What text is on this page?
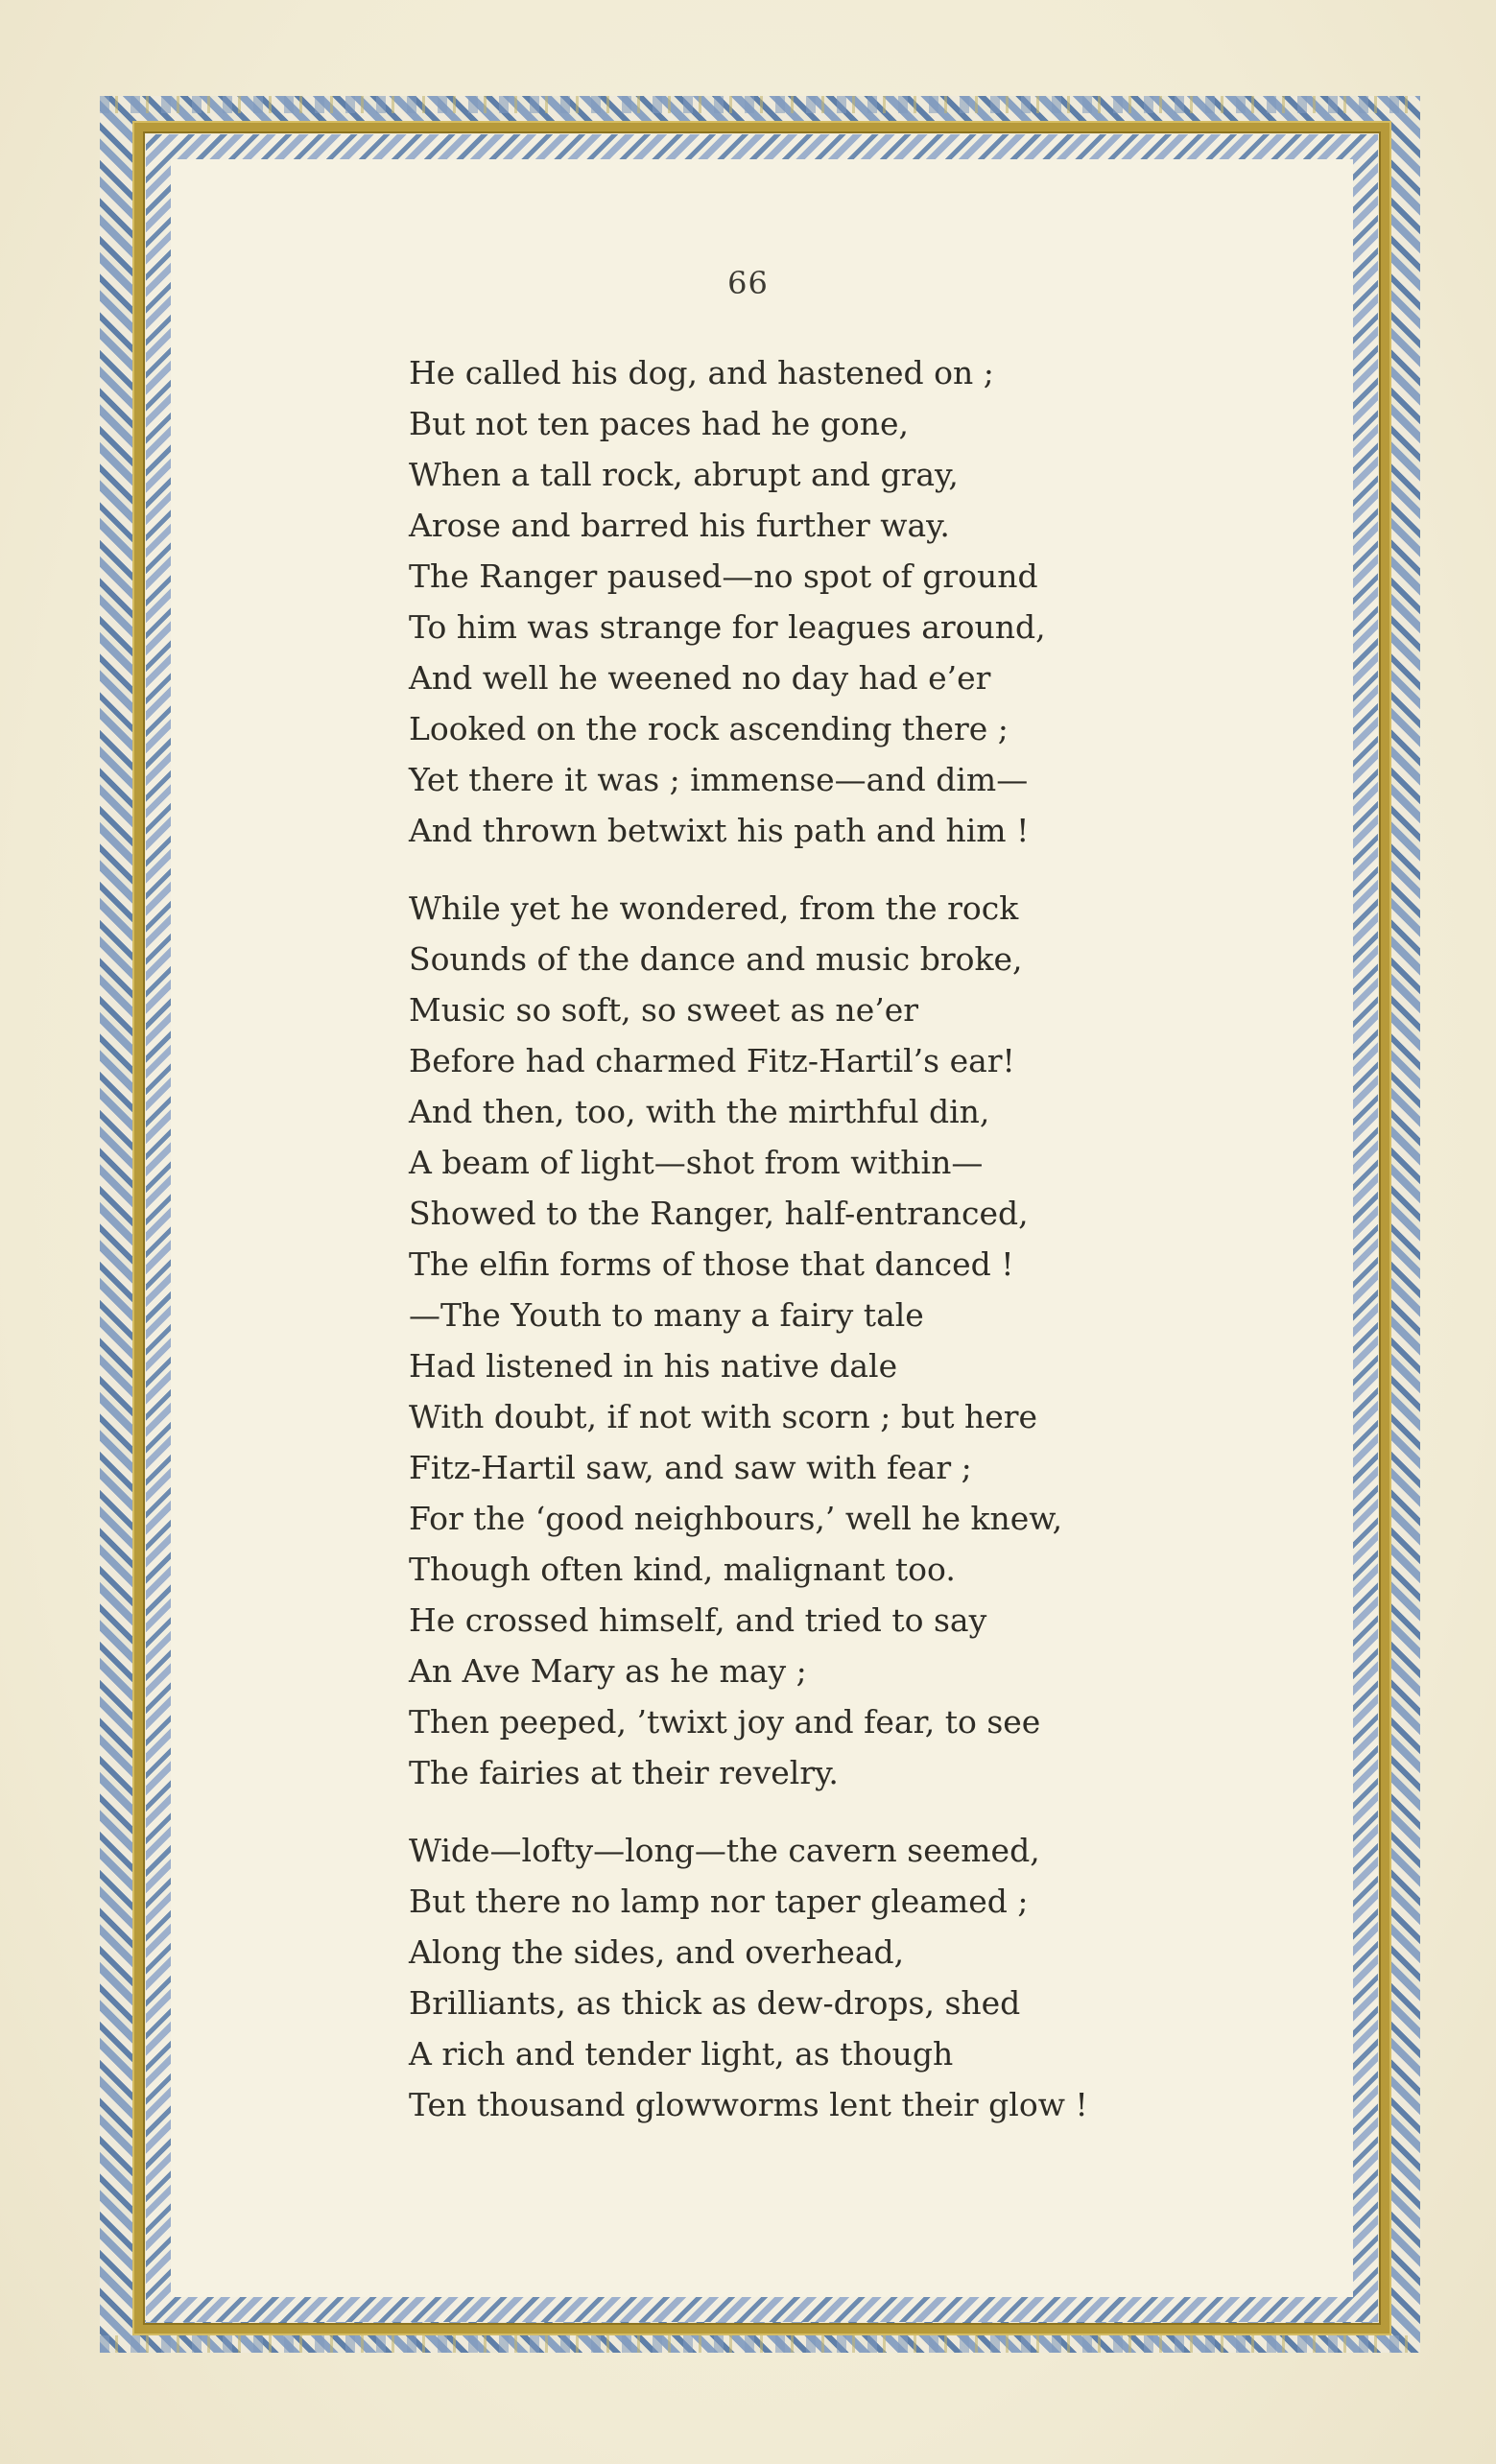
66
He called his dog, and hastened on ;
But not ten paces had he gone,
When a tall rock, abrupt and gray,
Arose and barred his further way.
The Ranger paused—no spot of ground
To him was strange for leagues around,
And well he weened no day had e’er
Looked on the rock ascending there ;
Yet there it was ; immense—and dim—
And thrown betwixt his path and him !
While yet he wondered, from the rock
Sounds of the dance and music broke,
Music so soft, so sweet as ne’er
Before had charmed Fitz-Hartil’s ear!
And then, too, with the mirthful din,
A beam of light—shot from within—
Showed to the Ranger, half-entranced,
The elfin forms of those that danced !
—The Youth to many a fairy tale
Had listened in his native dale
With doubt, if not with scorn ; but here
Fitz-Hartil saw, and saw with fear ;
For the ‘good neighbours,’ well he knew,
Though often kind, malignant too.
He crossed himself, and tried to say
An Ave Mary as he may ;
Then peeped, ’twixt joy and fear, to see
The fairies at their revelry.
Wide—lofty—long—the cavern seemed,
But there no lamp nor taper gleamed ;
Along the sides, and overhead,
Brilliants, as thick as dew-drops, shed
A rich and tender light, as though
Ten thousand glowworms lent their glow !
